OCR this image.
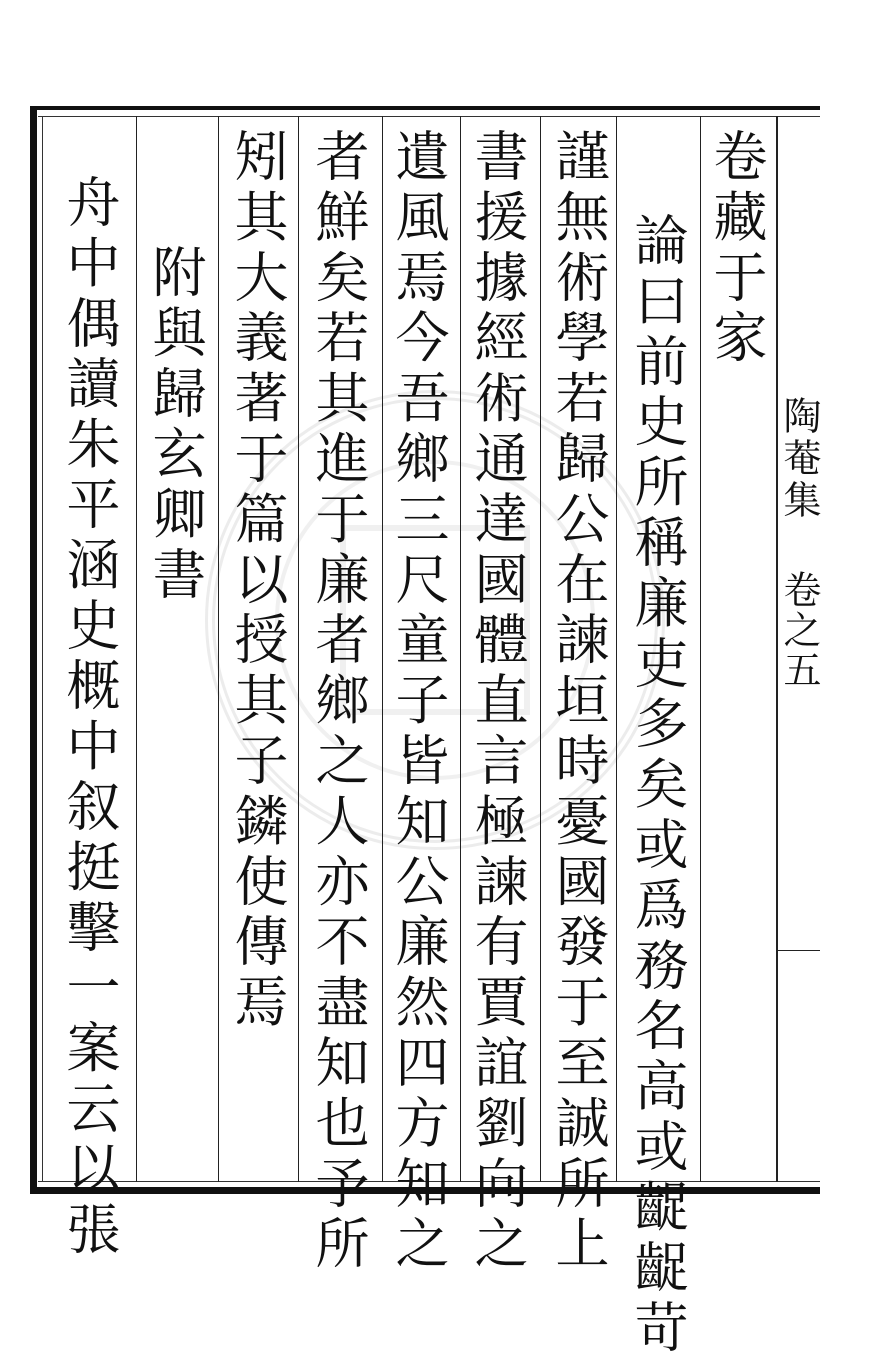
陶菴集
卷之五
卷藏于家
論曰前史所稱廉吏多矣或爲務名高或齪齪苛
謹無術學若歸公在諫垣時憂國發于至誠所上
書援據經術通達國體直言極諫有賈誼劉向之
遺風焉今吾鄉三尺童子皆知公廉然四方知之
者鮮矣若其進于廉者鄉之人亦不盡知也予所
矧其大義著于篇以授其子鏻使傳焉
附與歸玄卿書
舟中偶讀朱平涵史概中叙挺擊一案云以張
